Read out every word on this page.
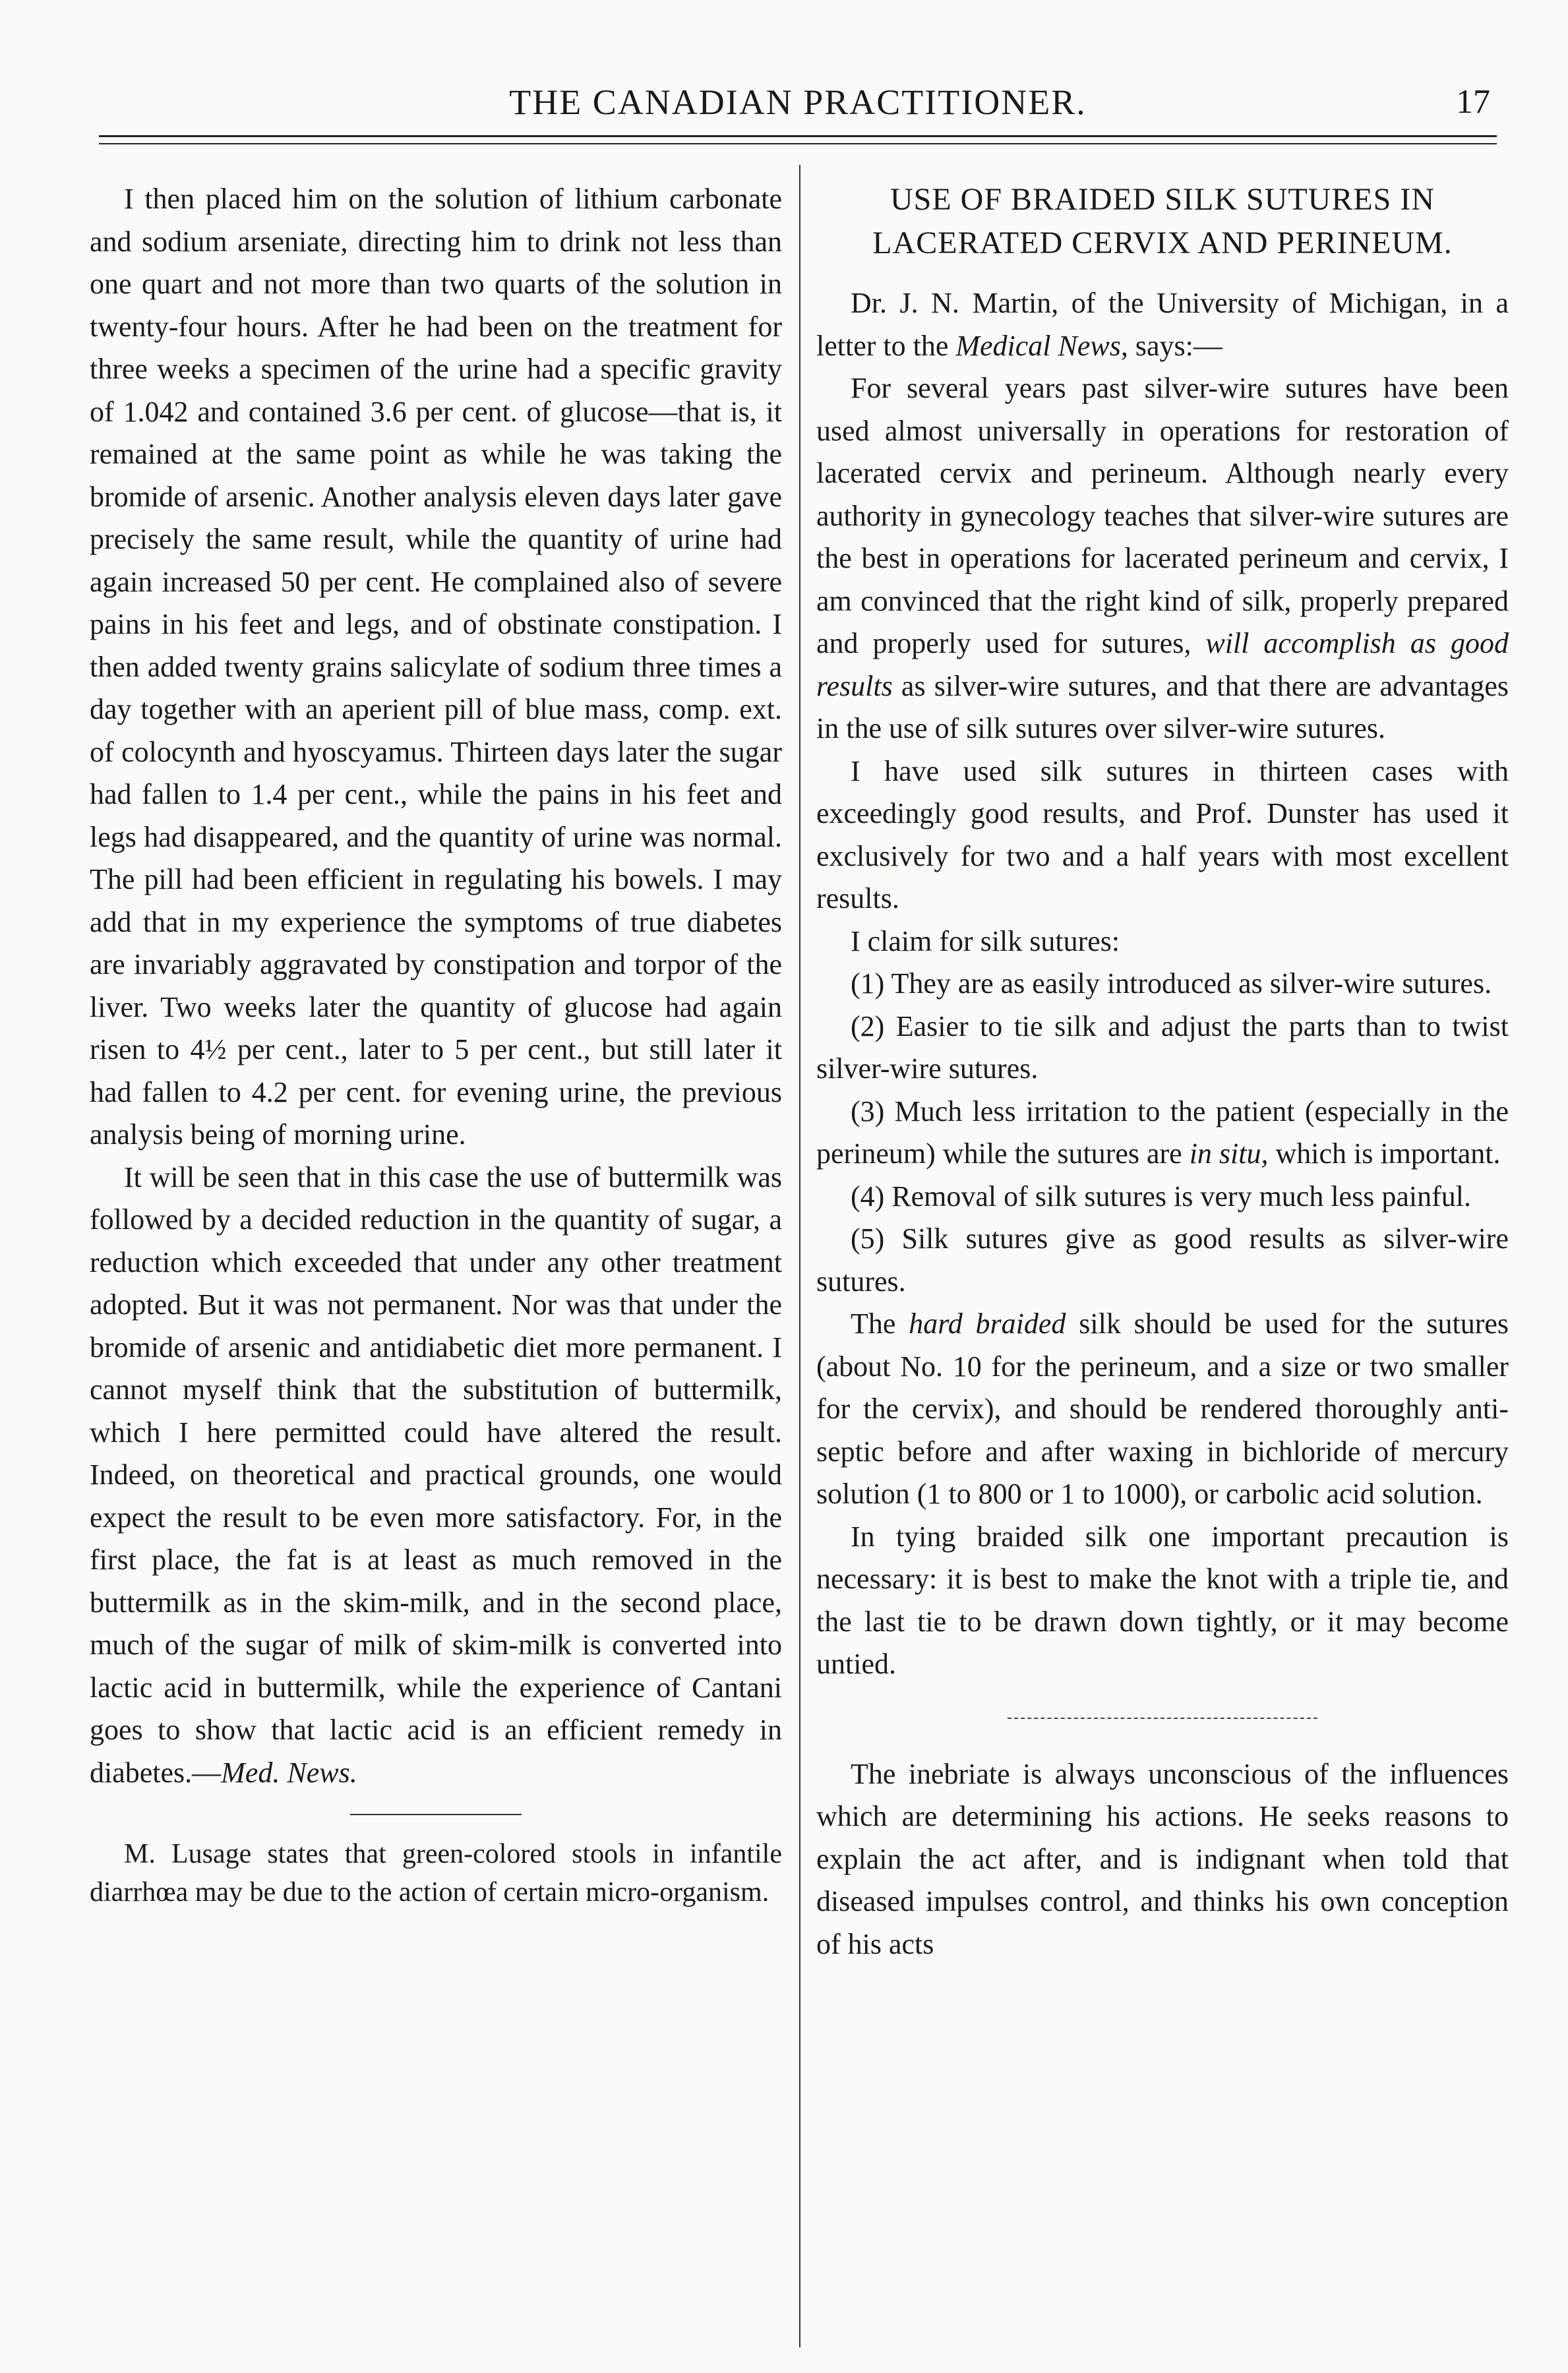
THE CANADIAN PRACTITIONER.	17

I then placed him on the solution of lithium carbonate and sodium arseniate, directing him to drink not less than one quart and not more than two quarts of the solution in twenty-four hours. After he had been on the treatment for three weeks a specimen of the urine had a specific gravity of 1.042 and contained 3.6 per cent. of glucose—that is, it remained at the same point as while he was taking the bromide of arsenic. Another analysis eleven days later gave precisely the same result, while the quantity of urine had again increased 50 per cent. He complained also of severe pains in his feet and legs, and of obstinate constipation. I then added twenty grains salicylate of sodium three times a day together with an aperient pill of blue mass, comp. ext. of colocynth and hyoscyamus. Thirteen days later the sugar had fallen to 1.4 per cent., while the pains in his feet and legs had disappeared, and the quantity of urine was normal. The pill had been efficient in regulating his bowels. I may add that in my experience the symptoms of true diabetes are invariably aggravated by constipation and torpor of the liver. Two weeks later the quantity of glucose had again risen to 4½ per cent., later to 5 per cent., but still later it had fallen to 4.2 per cent. for evening urine, the previous analysis being of morning urine.

It will be seen that in this case the use of buttermilk was followed by a decided reduction in the quantity of sugar, a reduction which exceeded that under any other treatment adopted. But it was not permanent. Nor was that under the bromide of arsenic and antidiabetic diet more permanent. I cannot myself think that the substitution of buttermilk, which I here permitted could have altered the result. Indeed, on theoretical and practical grounds, one would expect the result to be even more satisfactory. For, in the first place, the fat is at least as much removed in the buttermilk as in the skim-milk, and in the second place, much of the sugar of milk of skim-milk is converted into lactic acid in buttermilk, while the experience of Cantani goes to show that lactic acid is an efficient remedy in diabetes.—Med. News.

M. Lusage states that green-colored stools in infantile diarrhœa may be due to the action of certain micro-organism.

USE OF BRAIDED SILK SUTURES IN LACERATED CERVIX AND PERINEUM.

Dr. J. N. Martin, of the University of Michigan, in a letter to the Medical News, says:—

For several years past silver-wire sutures have been used almost universally in operations for restoration of lacerated cervix and perineum. Although nearly every authority in gynecology teaches that silver-wire sutures are the best in operations for lacerated perineum and cervix, I am convinced that the right kind of silk, properly prepared and properly used for sutures, will accomplish as good results as silver-wire sutures, and that there are advantages in the use of silk sutures over silver-wire sutures.

I have used silk sutures in thirteen cases with exceedingly good results, and Prof. Dunster has used it exclusively for two and a half years with most excellent results.

I claim for silk sutures:

(1) They are as easily introduced as silver-wire sutures.

(2) Easier to tie silk and adjust the parts than to twist silver-wire sutures.

(3) Much less irritation to the patient (especially in the perineum) while the sutures are in situ, which is important.

(4) Removal of silk sutures is very much less painful.

(5) Silk sutures give as good results as silver-wire sutures.

The hard braided silk should be used for the sutures (about No. 10 for the perineum, and a size or two smaller for the cervix), and should be rendered thoroughly anti-septic before and after waxing in bichloride of mercury solution (1 to 800 or 1 to 1000), or carbolic acid solution.

In tying braided silk one important precaution is necessary: it is best to make the knot with a triple tie, and the last tie to be drawn down tightly, or it may become untied.

The inebriate is always unconscious of the influences which are determining his actions. He seeks reasons to explain the act after, and is indignant when told that diseased impulses control, and thinks his own conception of his acts
